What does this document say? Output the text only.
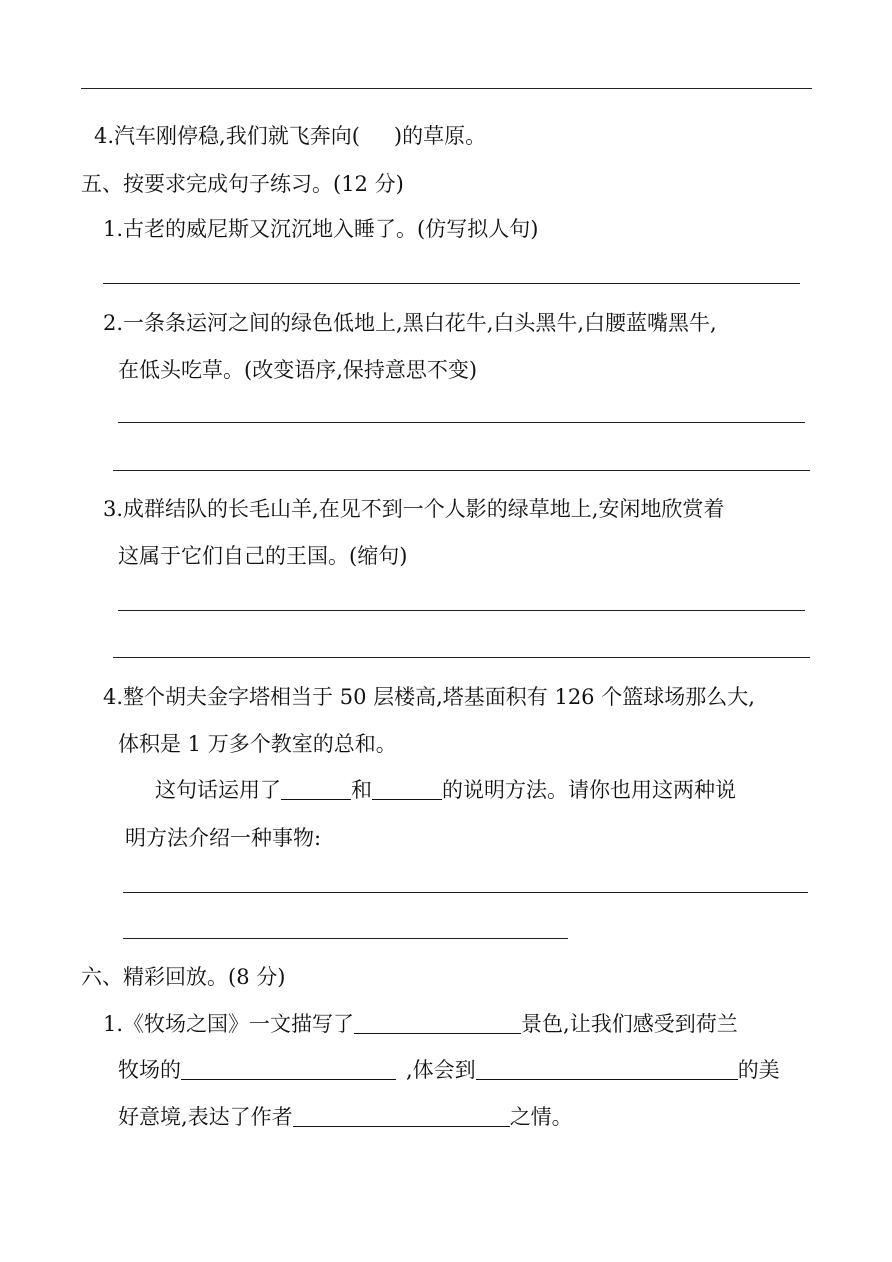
4.汽车刚停稳,我们就飞奔向( )的草原。
五、按要求完成句子练习。(12 分)
1.古老的威尼斯又沉沉地入睡了。(仿写拟人句)
2.一条条运河之间的绿色低地上,黑白花牛,白头黑牛,白腰蓝嘴黑牛,
在低头吃草。(改变语序,保持意思不变)
3.成群结队的长毛山羊,在见不到一个人影的绿草地上,安闲地欣赏着
这属于它们自己的王国。(缩句)
4.整个胡夫金字塔相当于 50 层楼高,塔基面积有 126 个篮球场那么大,
体积是 1 万多个教室的总和。
这句话运用了	和	的说明方法。请你也用这两种说
明方法介绍一种事物:
六、精彩回放。(8 分)
1.《牧场之国》一文描写了	景色,让我们感受到荷兰
牧场的	,体会到	的美
好意境,表达了作者	之情。
